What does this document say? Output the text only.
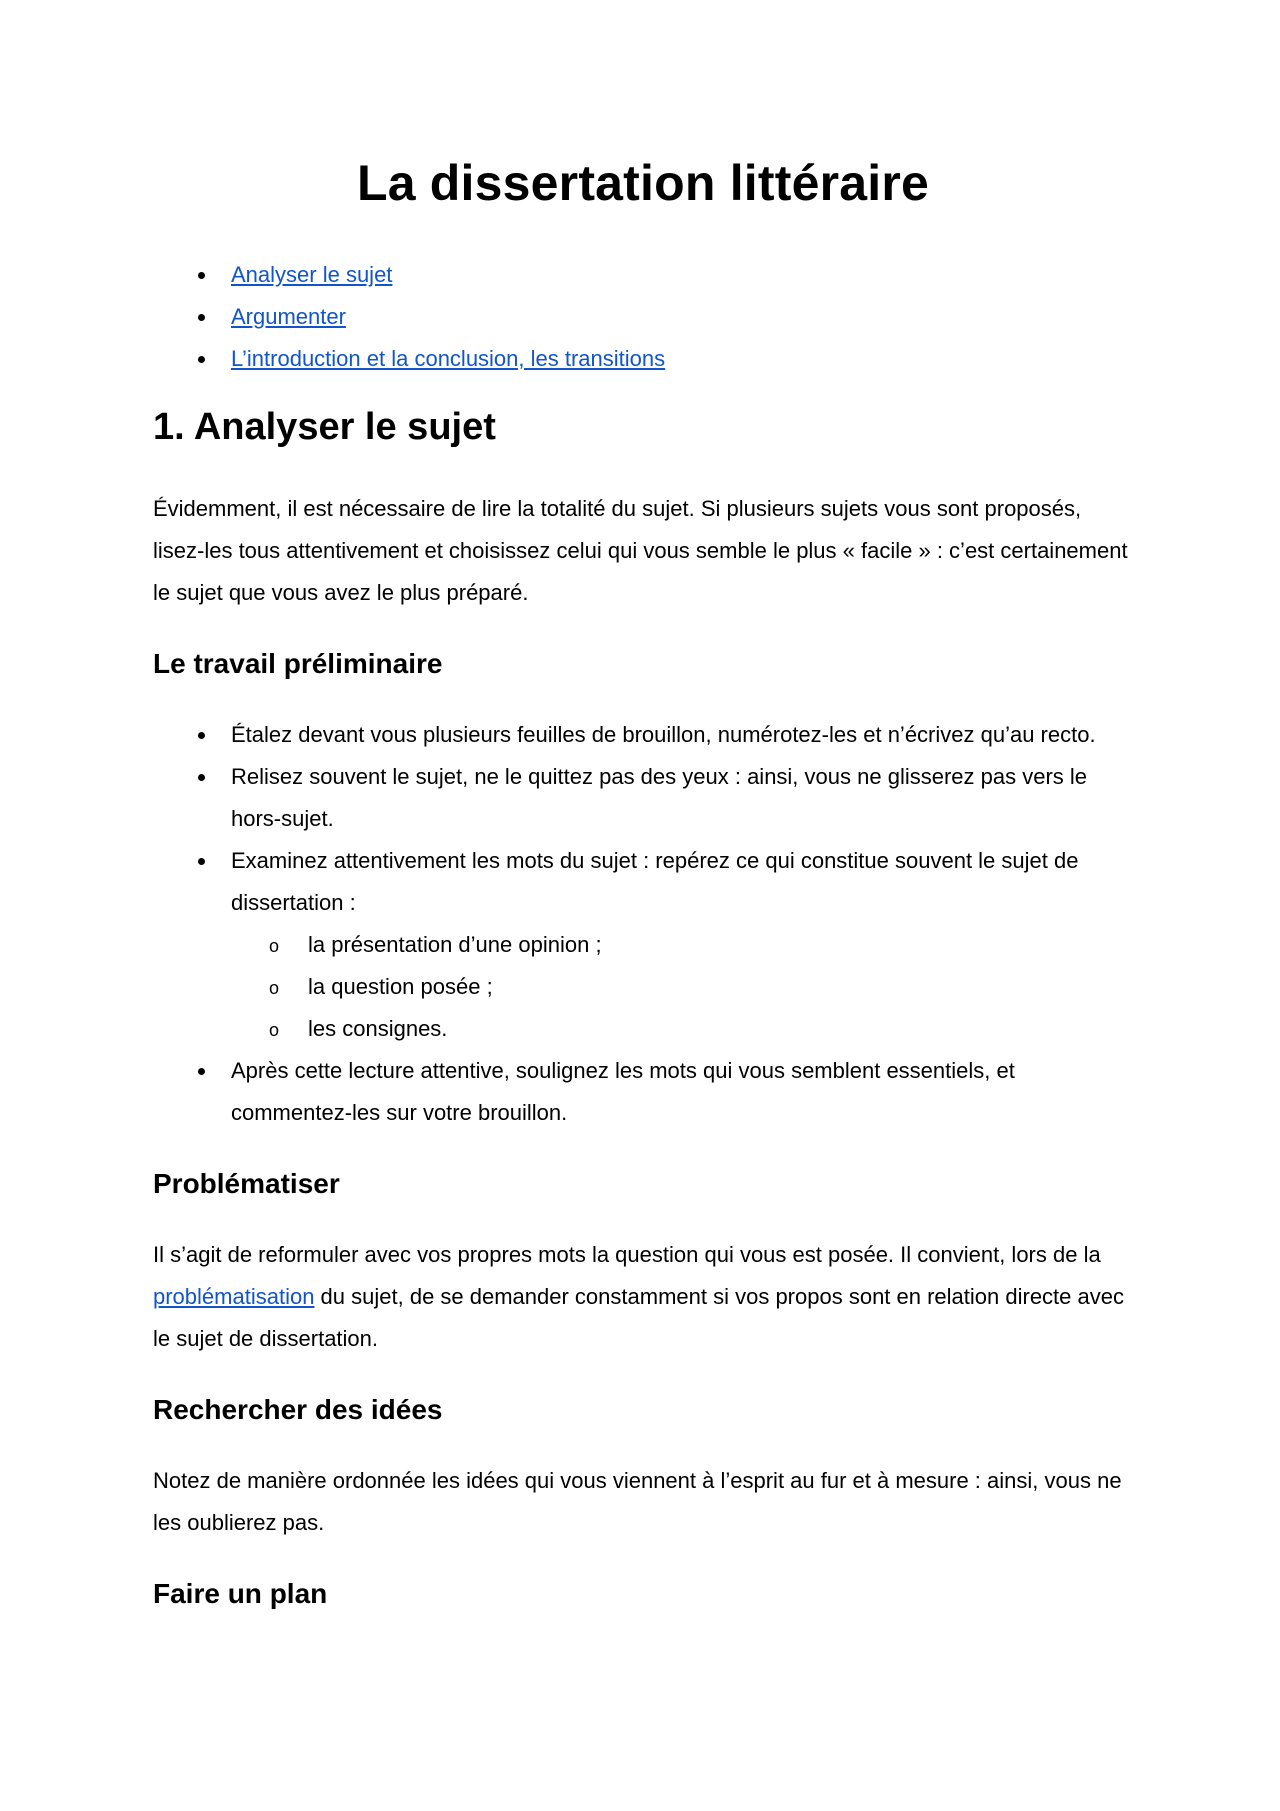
La dissertation littéraire
Analyser le sujet
Argumenter
L’introduction et la conclusion, les transitions
1. Analyser le sujet

Évidemment, il est nécessaire de lire la totalité du sujet. Si plusieurs sujets vous sont proposés, lisez-les tous attentivement et choisissez celui qui vous semble le plus « facile » : c’est certainement le sujet que vous avez le plus préparé.

Le travail préliminaire
Étalez devant vous plusieurs feuilles de brouillon, numérotez-les et n’écrivez qu’au recto.
Relisez souvent le sujet, ne le quittez pas des yeux : ainsi, vous ne glisserez pas vers le hors-sujet.
Examinez attentivement les mots du sujet : repérez ce qui constitue souvent le sujet de dissertation :
o la présentation d’une opinion ;
o la question posée ;
o les consignes.
Après cette lecture attentive, soulignez les mots qui vous semblent essentiels, et commentez-les sur votre brouillon.
Problématiser

Il s’agit de reformuler avec vos propres mots la question qui vous est posée. Il convient, lors de la problématisation du sujet, de se demander constamment si vos propos sont en relation directe avec le sujet de dissertation.

Rechercher des idées

Notez de manière ordonnée les idées qui vous viennent à l’esprit au fur et à mesure : ainsi, vous ne les oublierez pas.

Faire un plan
